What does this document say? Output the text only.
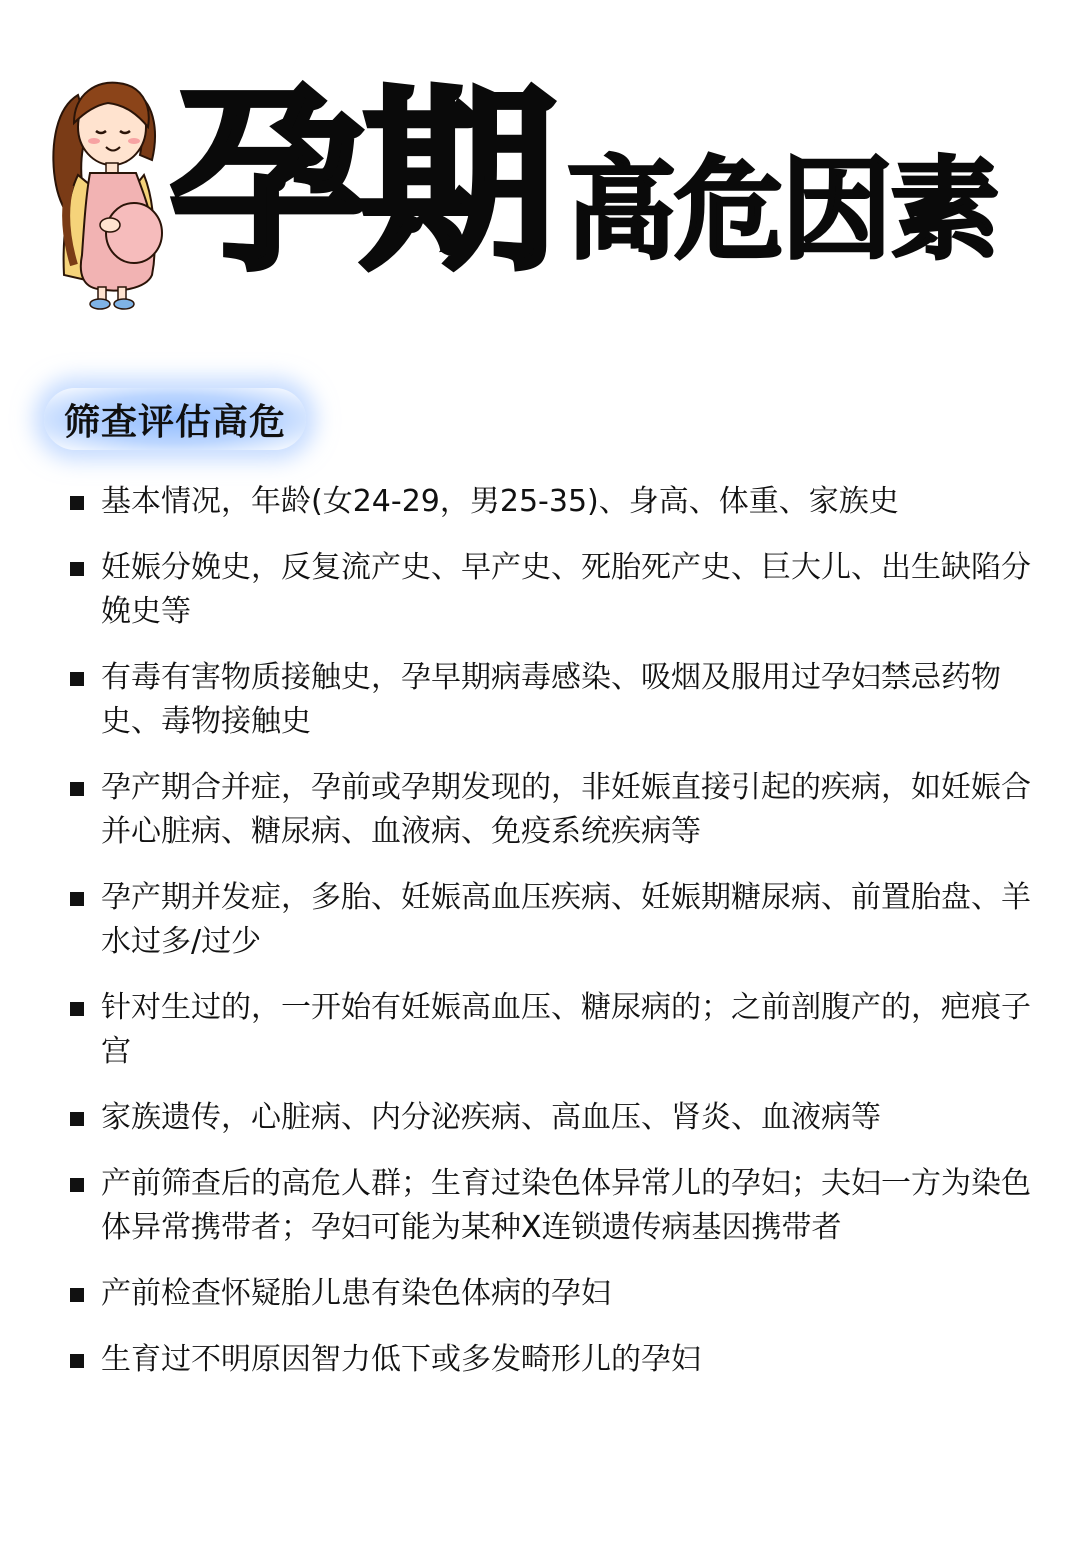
孕期 高危因素
筛查评估高危
基本情况，年龄(女24-29，男25-35)、身高、体重、家族史
妊娠分娩史，反复流产史、早产史、死胎死产史、巨大儿、出生缺陷分娩史等
有毒有害物质接触史，孕早期病毒感染、吸烟及服用过孕妇禁忌药物史、毒物接触史
孕产期合并症，孕前或孕期发现的，非妊娠直接引起的疾病，如妊娠合并心脏病、糖尿病、血液病、免疫系统疾病等
孕产期并发症，多胎、妊娠高血压疾病、妊娠期糖尿病、前置胎盘、羊水过多/过少
针对生过的，一开始有妊娠高血压、糖尿病的；之前剖腹产的，疤痕子宫
家族遗传，心脏病、内分泌疾病、高血压、肾炎、血液病等
产前筛查后的高危人群；生育过染色体异常儿的孕妇；夫妇一方为染色体异常携带者；孕妇可能为某种X连锁遗传病基因携带者
产前检查怀疑胎儿患有染色体病的孕妇
生育过不明原因智力低下或多发畸形儿的孕妇
